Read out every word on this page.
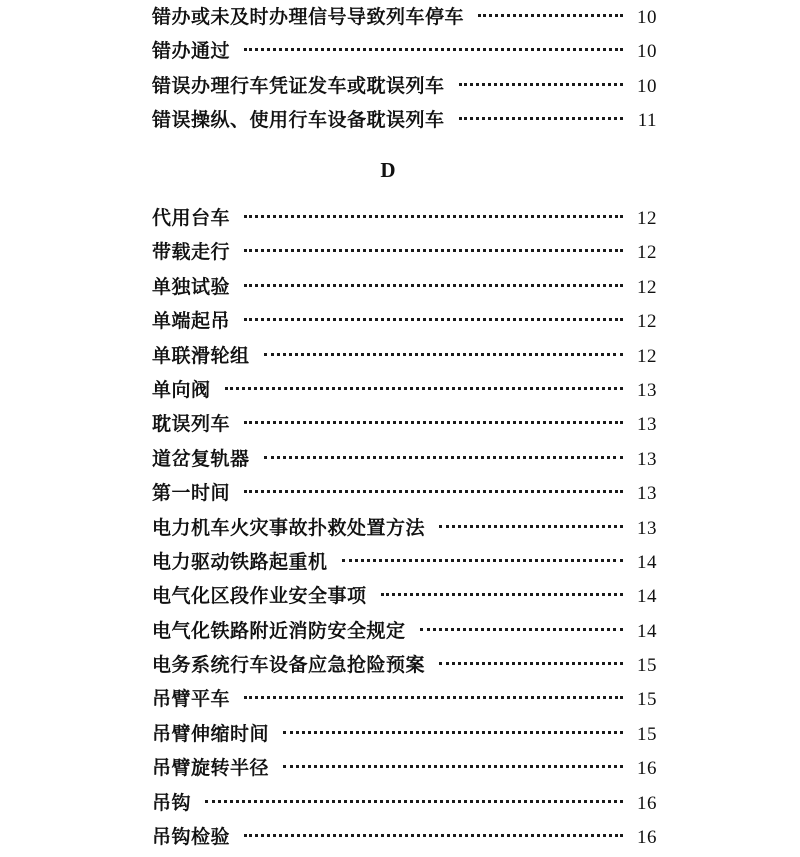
错办或未及时办理信号导致列车停车	10
错办通过	10
错误办理行车凭证发车或耽误列车	10
错误操纵、使用行车设备耽误列车	11
D
代用台车	12
带载走行	12
单独试验	12
单端起吊	12
单联滑轮组	12
单向阀	13
耽误列车	13
道岔复轨器	13
第一时间	13
电力机车火灾事故扑救处置方法	13
电力驱动铁路起重机	14
电气化区段作业安全事项	14
电气化铁路附近消防安全规定	14
电务系统行车设备应急抢险预案	15
吊臂平车	15
吊臂伸缩时间	15
吊臂旋转半径	16
吊钩	16
吊钩检验	16
